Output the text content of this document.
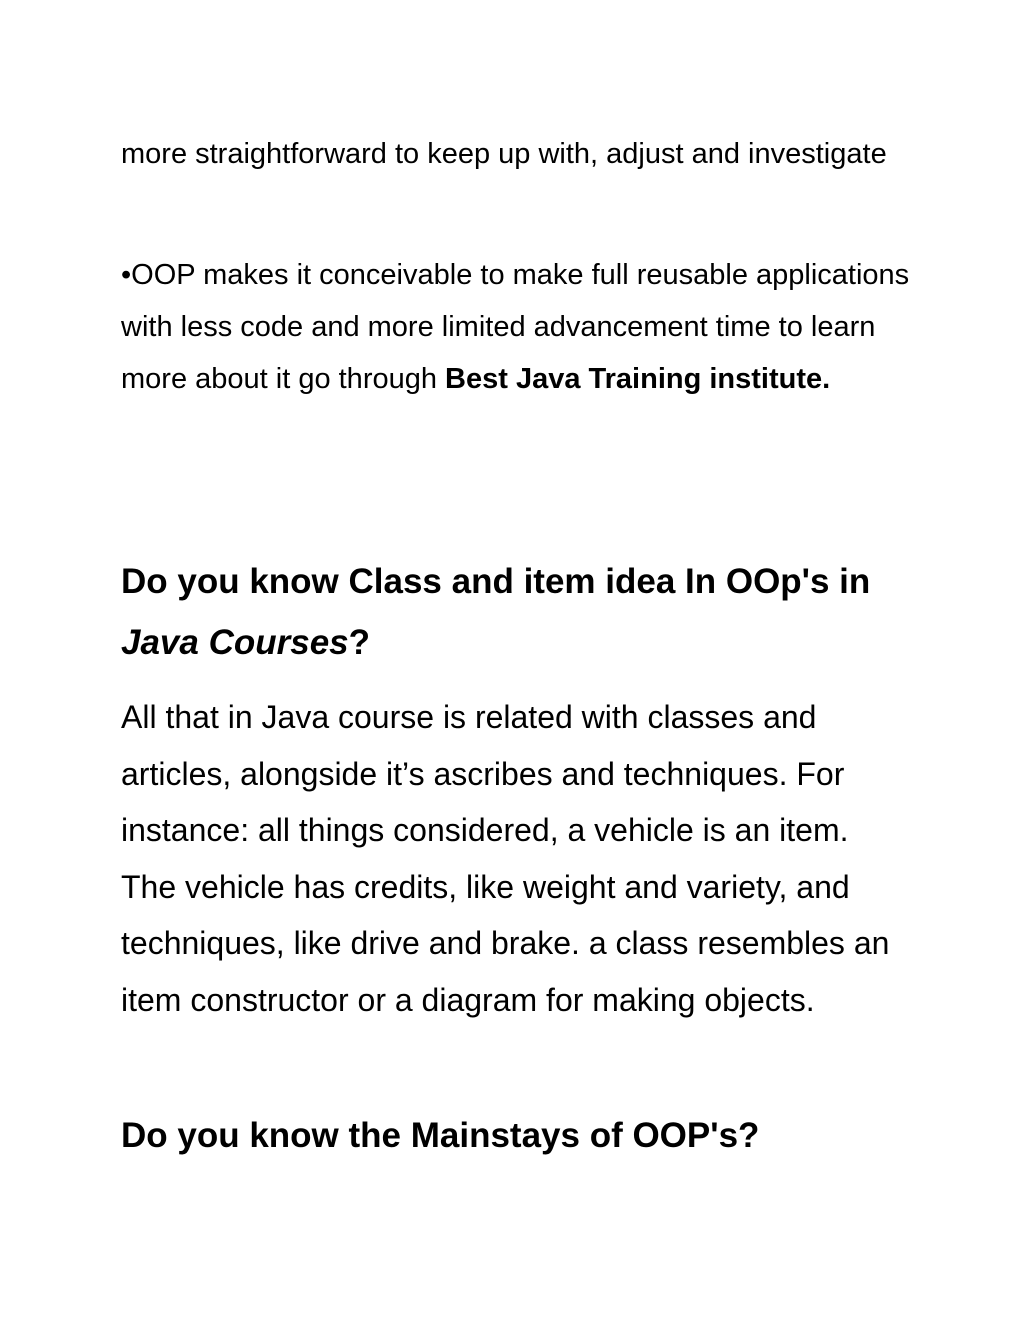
more straightforward to keep up with, adjust and investigate

•OOP makes it conceivable to make full reusable applications with less code and more limited advancement time to learn more about it go through Best Java Training institute.

Do you know Class and item idea In OOp's in Java Courses?

All that in Java course is related with classes and articles, alongside it’s ascribes and techniques. For instance: all things considered, a vehicle is an item. The vehicle has credits, like weight and variety, and techniques, like drive and brake. a class resembles an item constructor or a diagram for making objects.

Do you know the Mainstays of OOP's?
